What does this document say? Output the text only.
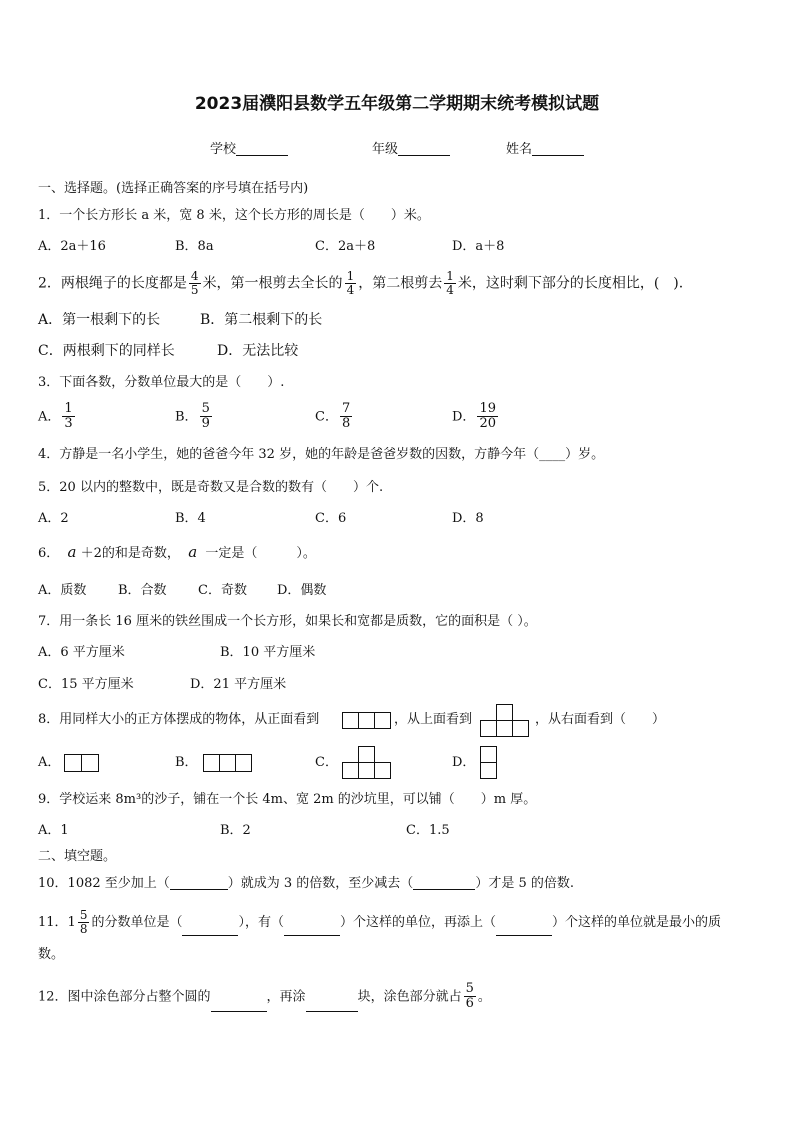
2023届濮阳县数学五年级第二学期期末统考模拟试题
学校	年级	姓名
一、选择题。(选择正确答案的序号填在括号内)
1．一个长方形长 a 米，宽 8 米，这个长方形的周长是（　　）米。
A．2a＋16	B．8a	C．2a＋8	D．a＋8
2．两根绳子的长度都是 $\frac{4}{5}$ 米，第一根剪去全长的 $\frac{1}{4}$ ，第二根剪去 $\frac{1}{4}$ 米，这时剩下部分的长度相比，(　).
A．第一根剩下的长	B．第二根剩下的长
C．两根剩下的同样长	D．无法比较
3．下面各数，分数单位最大的是（　　）.
A． $\frac{1}{3}$	B． $\frac{5}{9}$	C． $\frac{7}{8}$	D． $\frac{19}{20}$
4．方静是一名小学生，她的爸爸今年 32 岁，她的年龄是爸爸岁数的因数，方静今年（____）岁。
5．20 以内的整数中，既是奇数又是合数的数有（　　）个.
A．2	B．4	C．6	D．8
6． a ＋2的和是奇数， a 一定是（　　　）。
A．质数 B．合数 C．奇数 D．偶数
7．用一条长 16 厘米的铁丝围成一个长方形，如果长和宽都是质数，它的面积是（ ）。
A．6 平方厘米	B．10 平方厘米
C．15 平方厘米	D．21 平方厘米
8．用同样大小的正方体摆成的物体，从正面看到	，从上面看到	，从右面看到（　　）
A．	B．	C．	D．
9．学校运来 8m³的沙子，铺在一个长 4m、宽 2m 的沙坑里，可以铺（　　）m 厚。
A．1	B．2	C．1.5
二、填空题。
10．1082 至少加上（	）就成为 3 的倍数，至少减去（	）才是 5 的倍数.
11．$1 \frac{5}{8}$ 的分数单位是（	），有（	）个这样的单位，再添上（	）个这样的单位就是最小的质
数。
12．图中涂色部分占整个圆的	，再涂	块，涂色部分就占 $\frac{5}{6}$ 。
